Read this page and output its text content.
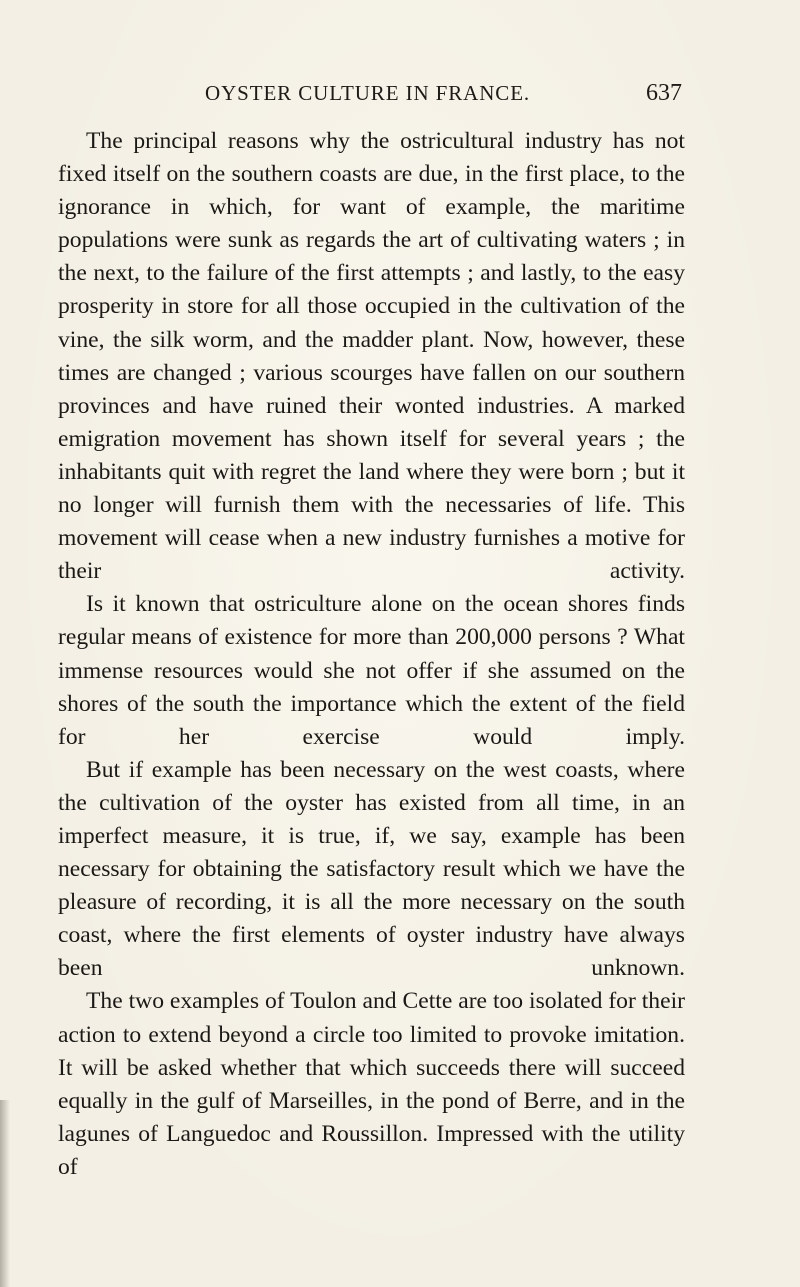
OYSTER CULTURE IN FRANCE.	637

The principal reasons why the ostricultural industry has not fixed itself on the southern coasts are due, in the first place, to the ignorance in which, for want of example, the maritime populations were sunk as regards the art of cultivating waters ; in the next, to the failure of the first attempts ; and lastly, to the easy prosperity in store for all those occupied in the cultivation of the vine, the silk worm, and the madder plant. Now, however, these times are changed ; various scourges have fallen on our southern provinces and have ruined their wonted industries. A marked emigration movement has shown itself for several years ; the inhabitants quit with regret the land where they were born ; but it no longer will furnish them with the necessaries of life. This movement will cease when a new industry furnishes a motive for their activity.

Is it known that ostriculture alone on the ocean shores finds regular means of existence for more than 200,000 persons ? What immense resources would she not offer if she assumed on the shores of the south the importance which the extent of the field for her exercise would imply.

But if example has been necessary on the west coasts, where the cultivation of the oyster has existed from all time, in an imperfect measure, it is true, if, we say, example has been necessary for obtaining the satisfactory result which we have the pleasure of recording, it is all the more necessary on the south coast, where the first elements of oyster industry have always been unknown.

The two examples of Toulon and Cette are too isolated for their action to extend beyond a circle too limited to provoke imitation. It will be asked whether that which succeeds there will succeed equally in the gulf of Marseilles, in the pond of Berre, and in the lagunes of Languedoc and Roussillon. Impressed with the utility of
